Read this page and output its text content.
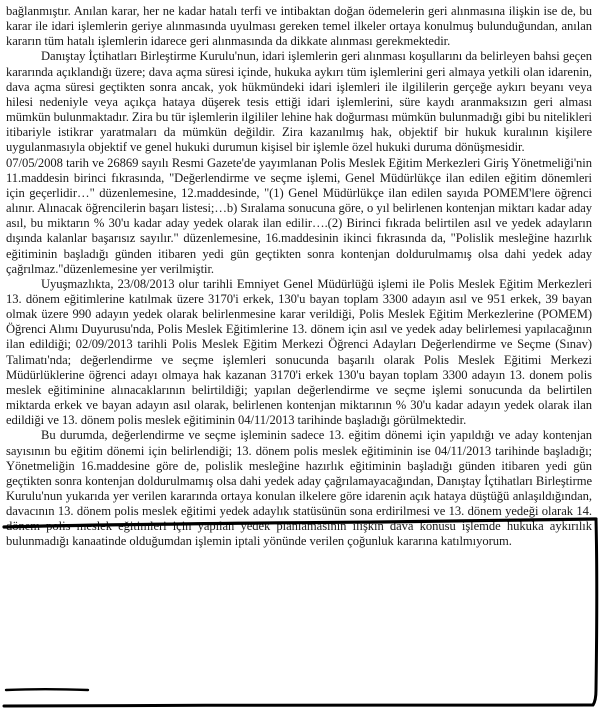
bağlanmıştır. Anılan karar, her ne kadar hatalı terfi ve intibaktan doğan ödemelerin geri alınmasına ilişkin ise de, bu karar ile idari işlemlerin geriye alınmasında uyulması gereken temel ilkeler ortaya konulmuş bulunduğundan, anılan kararın tüm hatalı işlemlerin idarece geri alınmasında da dikkate alınması gerekmektedir.

Danıştay İçtihatları Birleştirme Kurulu'nun, idari işlemlerin geri alınması koşullarını da belirleyen bahsi geçen kararında açıklandığı üzere; dava açma süresi içinde, hukuka aykırı tüm işlemlerini geri almaya yetkili olan idarenin, dava açma süresi geçtikten sonra ancak, yok hükmündeki idari işlemleri ile ilgililerin gerçeğe aykırı beyanı veya hilesi nedeniyle veya açıkça hataya düşerek tesis ettiği idari işlemlerini, süre kaydı aranmaksızın geri alması mümkün bulunmaktadır. Zira bu tür işlemlerin ilgililer lehine hak doğurması mümkün bulunmadığı gibi bu nitelikleri itibariyle istikrar yaratmaları da mümkün değildir. Zira kazanılmış hak, objektif bir hukuk kuralının kişilere uygulanmasıyla objektif ve genel hukuki durumun kişisel bir işlemle özel hukuki duruma dönüşmesidir.

07/05/2008 tarih ve 26869 sayılı Resmi Gazete'de yayımlanan Polis Meslek Eğitim Merkezleri Giriş Yönetmeliği'nin 11.maddesin birinci fıkrasında, "Değerlendirme ve seçme işlemi, Genel Müdürlükçe ilan edilen eğitim dönemleri için geçerlidir…" düzenlemesine, 12.maddesinde, "(1) Genel Müdürlükçe ilan edilen sayıda POMEM'lere öğrenci alınır. Alınacak öğrencilerin başarı listesi;…b) Sıralama sonucuna göre, o yıl belirlenen kontenjan miktarı kadar aday asıl, bu miktarın % 30'u kadar aday yedek olarak ilan edilir….(2) Birinci fıkrada belirtilen asıl ve yedek adayların dışında kalanlar başarısız sayılır." düzenlemesine, 16.maddesinin ikinci fıkrasında da, "Polislik mesleğine hazırlık eğitiminin başladığı günden itibaren yedi gün geçtikten sonra kontenjan doldurulmamış olsa dahi yedek aday çağrılmaz."düzenlemesine yer verilmiştir.

Uyuşmazlıkta, 23/08/2013 olur tarihli Emniyet Genel Müdürlüğü işlemi ile Polis Meslek Eğitim Merkezleri 13. dönem eğitimlerine katılmak üzere 3170'i erkek, 130'u bayan toplam 3300 adayın asıl ve 951 erkek, 39 bayan olmak üzere 990 adayın yedek olarak belirlenmesine karar verildiği, Polis Meslek Eğitim Merkezlerine (POMEM) Öğrenci Alımı Duyurusu'nda, Polis Meslek Eğitimlerine 13. dönem için asıl ve yedek aday belirlemesi yapılacağının ilan edildiği; 02/09/2013 tarihli Polis Meslek Eğitim Merkezi Öğrenci Adayları Değerlendirme ve Seçme (Sınav) Talimatı'nda; değerlendirme ve seçme işlemleri sonucunda başarılı olarak Polis Meslek Eğitimi Merkezi Müdürlüklerine öğrenci adayı olmaya hak kazanan 3170'i erkek 130'u bayan toplam 3300 adayın 13. donem polis meslek eğitiminine alınacaklarının belirtildiği; yapılan değerlendirme ve seçme işlemi sonucunda da belirtilen miktarda erkek ve bayan adayın asıl olarak, belirlenen kontenjan miktarının % 30'u kadar adayın yedek olarak ilan edildiği ve 13. dönem polis meslek eğitiminin 04/11/2013 tarihinde başladığı görülmektedir.

Bu durumda, değerlendirme ve seçme işleminin sadece 13. eğitim dönemi için yapıldığı ve aday kontenjan sayısının bu eğitim dönemi için belirlendiği; 13. dönem polis meslek eğitiminin ise 04/11/2013 tarihinde başladığı; Yönetmeliğin 16.maddesine göre de, polislik mesleğine hazırlık eğitiminin başladığı günden itibaren yedi gün geçtikten sonra kontenjan doldurulmamış olsa dahi yedek aday çağrılamayacağından, Danıştay İçtihatları Birleştirme Kurulu'nun yukarıda yer verilen kararında ortaya konulan ilkelere göre idarenin açık hataya düştüğü anlaşıldığından, davacının 13. dönem polis meslek eğitimi yedek adaylık statüsünün sona erdirilmesi ve 13. dönem yedeği olarak 14. dönem polis meslek eğitimleri için yapılan yedek planlamasının ilişkin dava konusu işlemde hukuka aykırılık bulunmadığı kanaatinde olduğumdan işlemin iptali yönünde verilen çoğunluk kararına katılmıyorum.
